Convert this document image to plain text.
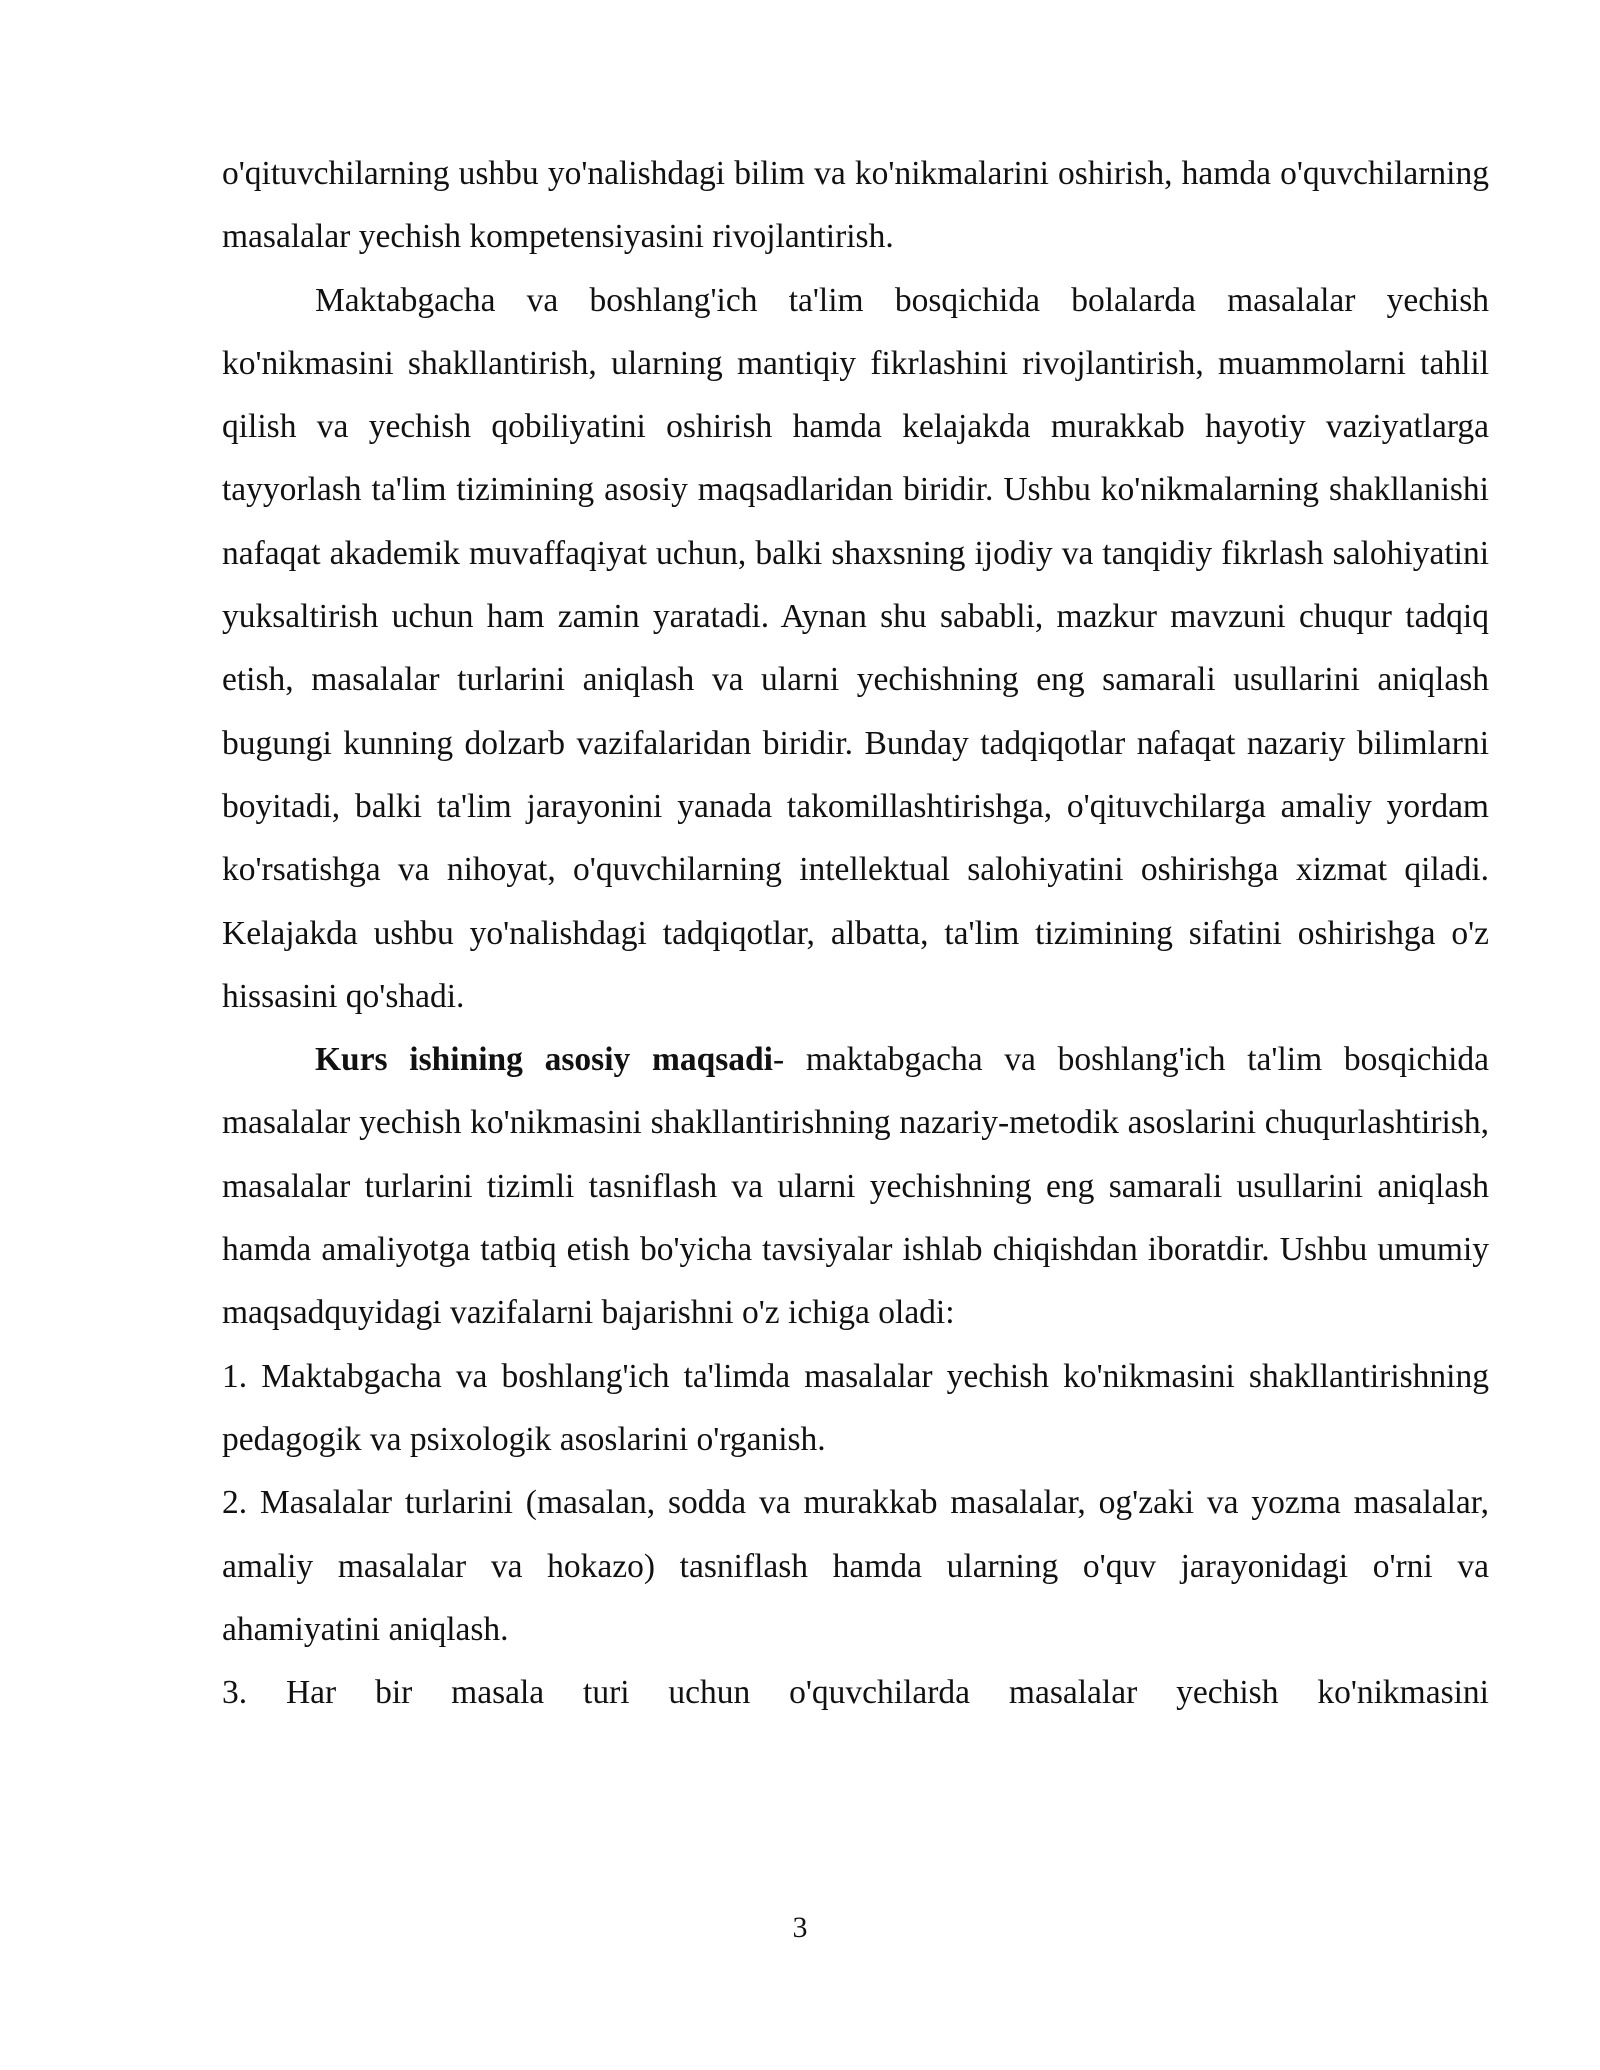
o'qituvchilarning ushbu yo'nalishdagi bilim va ko'nikmalarini oshirish, hamda o'quvchilarning masalalar yechish kompetensiyasini rivojlantirish.

Maktabgacha va boshlang'ich ta'lim bosqichida bolalarda masalalar yechish ko'nikmasini shakllantirish, ularning mantiqiy fikrlashini rivojlantirish, muammolarni tahlil qilish va yechish qobiliyatini oshirish hamda kelajakda murakkab hayotiy vaziyatlarga tayyorlash ta'lim tizimining asosiy maqsadlaridan biridir. Ushbu ko'nikmalarning shakllanishi nafaqat akademik muvaffaqiyat uchun, balki shaxsning ijodiy va tanqidiy fikrlash salohiyatini yuksaltirish uchun ham zamin yaratadi. Aynan shu sababli, mazkur mavzuni chuqur tadqiq etish, masalalar turlarini aniqlash va ularni yechishning eng samarali usullarini aniqlash bugungi kunning dolzarb vazifalaridan biridir. Bunday tadqiqotlar nafaqat nazariy bilimlarni boyitadi, balki ta'lim jarayonini yanada takomillashtirishga, o'qituvchilarga amaliy yordam ko'rsatishga va nihoyat, o'quvchilarning intellektual salohiyatini oshirishga xizmat qiladi. Kelajakda ushbu yo'nalishdagi tadqiqotlar, albatta, ta'lim tizimining sifatini oshirishga o'z hissasini qo'shadi.

Kurs ishining asosiy maqsadi- maktabgacha va boshlang'ich ta'lim bosqichida masalalar yechish ko'nikmasini shakllantirishning nazariy-metodik asoslarini chuqurlashtirish, masalalar turlarini tizimli tasniflash va ularni yechishning eng samarali usullarini aniqlash hamda amaliyotga tatbiq etish bo'yicha tavsiyalar ishlab chiqishdan iboratdir. Ushbu umumiy maqsadquyidagi vazifalarni bajarishni o'z ichiga oladi:

1. Maktabgacha va boshlang'ich ta'limda masalalar yechish ko'nikmasini shakllantirishning pedagogik va psixologik asoslarini o'rganish.

2. Masalalar turlarini (masalan, sodda va murakkab masalalar, og'zaki va yozma masalalar, amaliy masalalar va hokazo) tasniflash hamda ularning o'quv jarayonidagi o'rni va ahamiyatini aniqlash.

3. Har bir masala turi uchun o'quvchilarda masalalar yechish ko'nikmasini

3
